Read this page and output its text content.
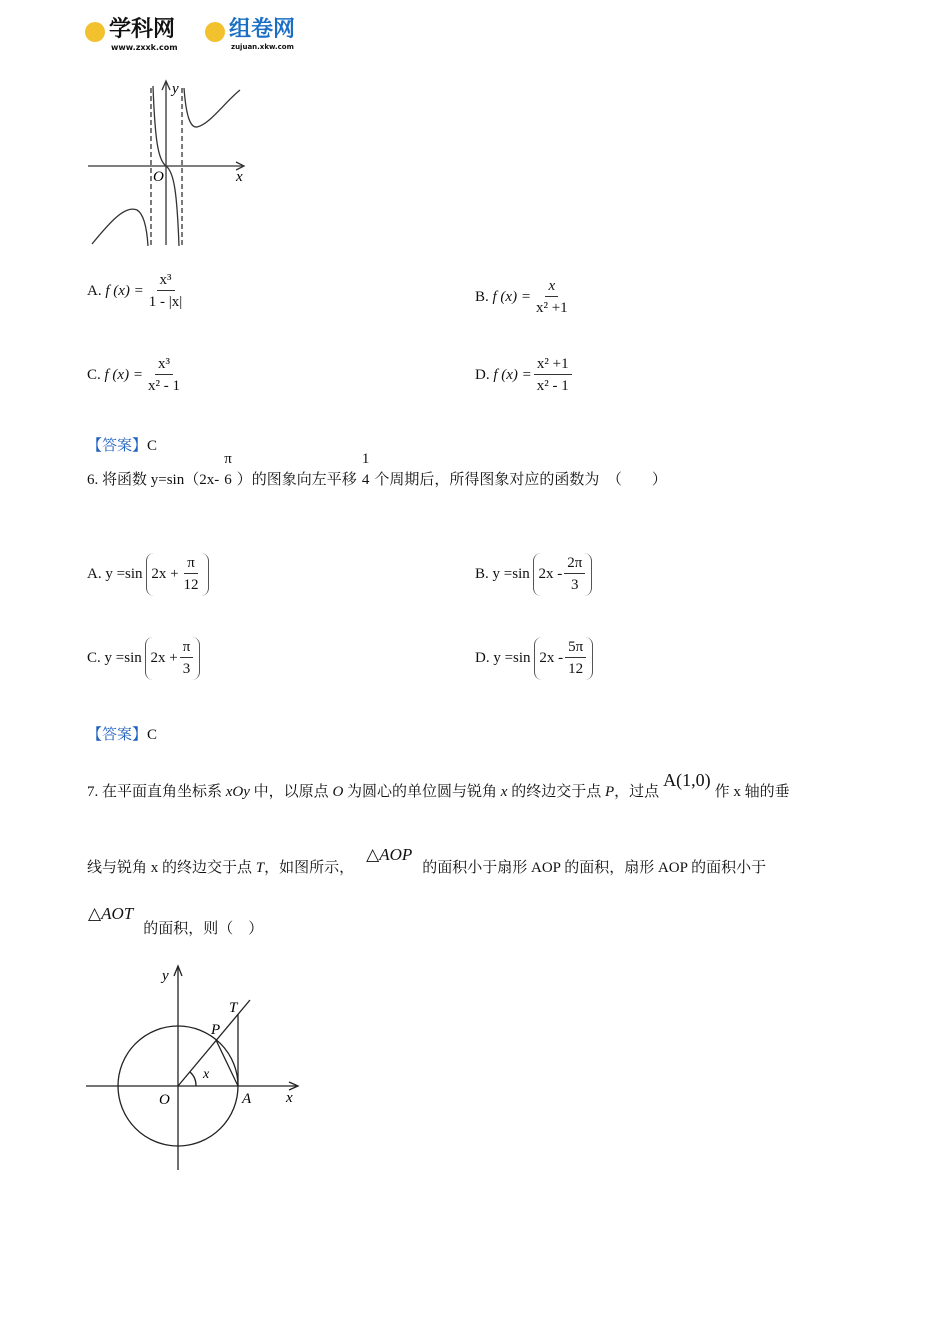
学科网
www.zxxk.com
组卷网
zujuan.xkw.com
O	x
y
A. f $(x) = \frac{\text{x³}}{1 - |x|}$	B. f $(x) = \frac{x}{\text{x² +1}}$
C. f $(x) = \frac{\text{x³}}{\text{x² - 1}}$	D. f $(x) = \frac{\text{x² +1}}{\text{x² - 1}}$
【答案】C
6. 将函数 y=sin（2x-
π
6 ）的图象向左平移
1
4 个周期后，所得图象对应的函数为　（　　）
A. y =sin $2x + \frac{\pi}{12}$	B. y =sin $2x - \frac{2\pi}{3}$
C. y =sin $2x + \frac{\pi}{3}$	D. y =sin $2x - \frac{5\pi}{12}$
【答案】C
7. 在平面直角坐标系 xOy 中，以原点 O 为圆心的单位圆与锐角 x 的终边交于点 P，过点A(1,0)作 x 轴的垂
线与锐角 x 的终边交于点 T，如图所示，△AOP的面积小于扇形 AOP 的面积，扇形 AOP 的面积小于
△AOT
的面积，则（　）
y
x
O	A
P
T
x
